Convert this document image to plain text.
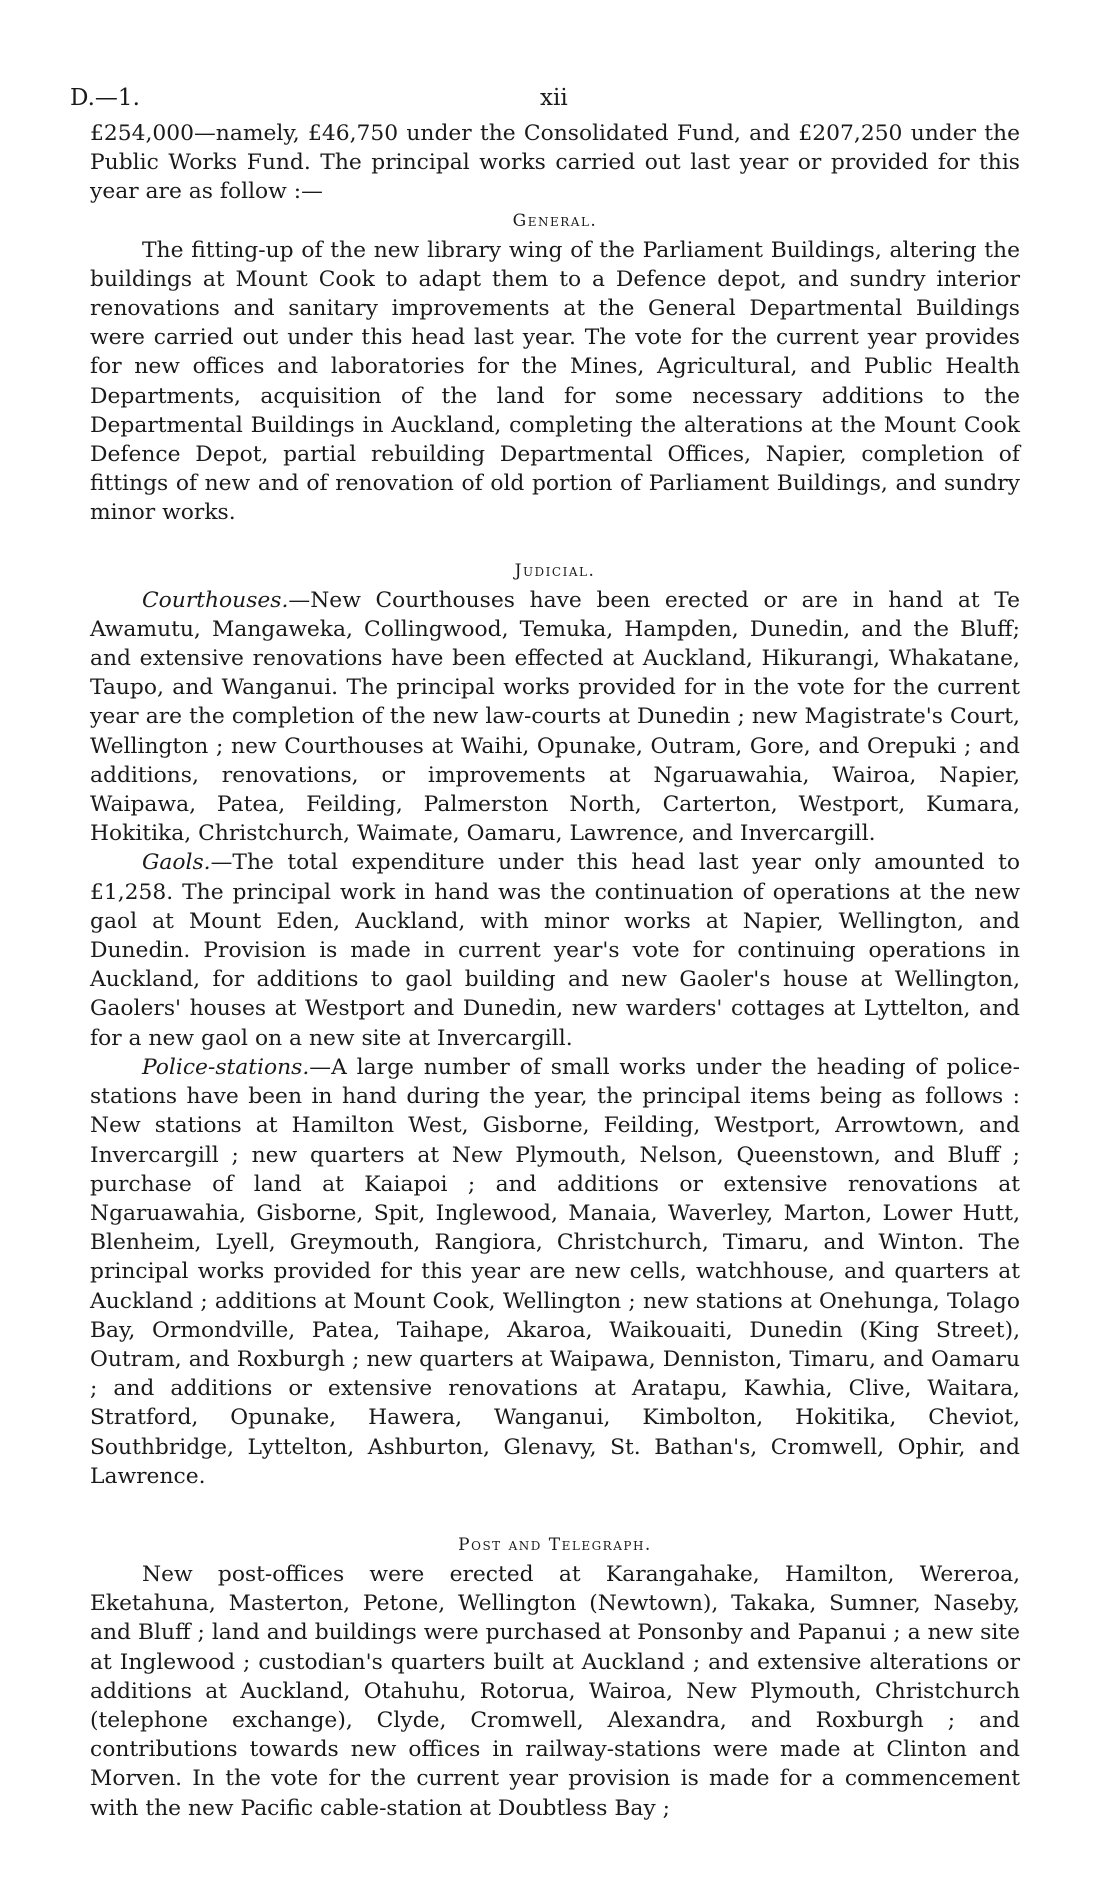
D.—1.	xii

£254,000—namely, £46,750 under the Consolidated Fund, and £207,250 under the Public Works Fund. The principal works carried out last year or provided for this year are as follow :—

General.

The fitting-up of the new library wing of the Parliament Buildings, altering the buildings at Mount Cook to adapt them to a Defence depot, and sundry interior renovations and sanitary improvements at the General Departmental Buildings were carried out under this head last year. The vote for the current year provides for new offices and laboratories for the Mines, Agricultural, and Public Health Departments, acquisition of the land for some necessary additions to the Departmental Buildings in Auckland, completing the alterations at the Mount Cook Defence Depot, partial rebuilding Departmental Offices, Napier, completion of fittings of new and of renovation of old portion of Parliament Buildings, and sundry minor works.

Judicial.

Courthouses.—New Courthouses have been erected or are in hand at Te Awamutu, Mangaweka, Collingwood, Temuka, Hampden, Dunedin, and the Bluff; and extensive renovations have been effected at Auckland, Hikurangi, Whakatane, Taupo, and Wanganui. The principal works provided for in the vote for the current year are the completion of the new law-courts at Dunedin ; new Magistrate's Court, Wellington ; new Courthouses at Waihi, Opunake, Outram, Gore, and Orepuki ; and additions, renovations, or improvements at Ngaruawahia, Wairoa, Napier, Waipawa, Patea, Feilding, Palmerston North, Carterton, Westport, Kumara, Hokitika, Christchurch, Waimate, Oamaru, Lawrence, and Invercargill.

Gaols.—The total expenditure under this head last year only amounted to £1,258. The principal work in hand was the continuation of operations at the new gaol at Mount Eden, Auckland, with minor works at Napier, Wellington, and Dunedin. Provision is made in current year's vote for continuing operations in Auckland, for additions to gaol building and new Gaoler's house at Wellington, Gaolers' houses at Westport and Dunedin, new warders' cottages at Lyttelton, and for a new gaol on a new site at Invercargill.

Police-stations.—A large number of small works under the heading of police-stations have been in hand during the year, the principal items being as follows : New stations at Hamilton West, Gisborne, Feilding, Westport, Arrowtown, and Invercargill ; new quarters at New Plymouth, Nelson, Queenstown, and Bluff ; purchase of land at Kaiapoi ; and additions or extensive renovations at Ngaruawahia, Gisborne, Spit, Inglewood, Manaia, Waverley, Marton, Lower Hutt, Blenheim, Lyell, Greymouth, Rangiora, Christchurch, Timaru, and Winton. The principal works provided for this year are new cells, watchhouse, and quarters at Auckland ; additions at Mount Cook, Wellington ; new stations at Onehunga, Tolago Bay, Ormondville, Patea, Taihape, Akaroa, Waikouaiti, Dunedin (King Street), Outram, and Roxburgh ; new quarters at Waipawa, Denniston, Timaru, and Oamaru ; and additions or extensive renovations at Aratapu, Kawhia, Clive, Waitara, Stratford, Opunake, Hawera, Wanganui, Kimbolton, Hokitika, Cheviot, Southbridge, Lyttelton, Ashburton, Glenavy, St. Bathan's, Cromwell, Ophir, and Lawrence.

Post and Telegraph.

New post-offices were erected at Karangahake, Hamilton, Wereroa, Eketahuna, Masterton, Petone, Wellington (Newtown), Takaka, Sumner, Naseby, and Bluff ; land and buildings were purchased at Ponsonby and Papanui ; a new site at Inglewood ; custodian's quarters built at Auckland ; and extensive alterations or additions at Auckland, Otahuhu, Rotorua, Wairoa, New Plymouth, Christchurch (telephone exchange), Clyde, Cromwell, Alexandra, and Roxburgh ; and contributions towards new offices in railway-stations were made at Clinton and Morven. In the vote for the current year provision is made for a commencement with the new Pacific cable-station at Doubtless Bay ;
